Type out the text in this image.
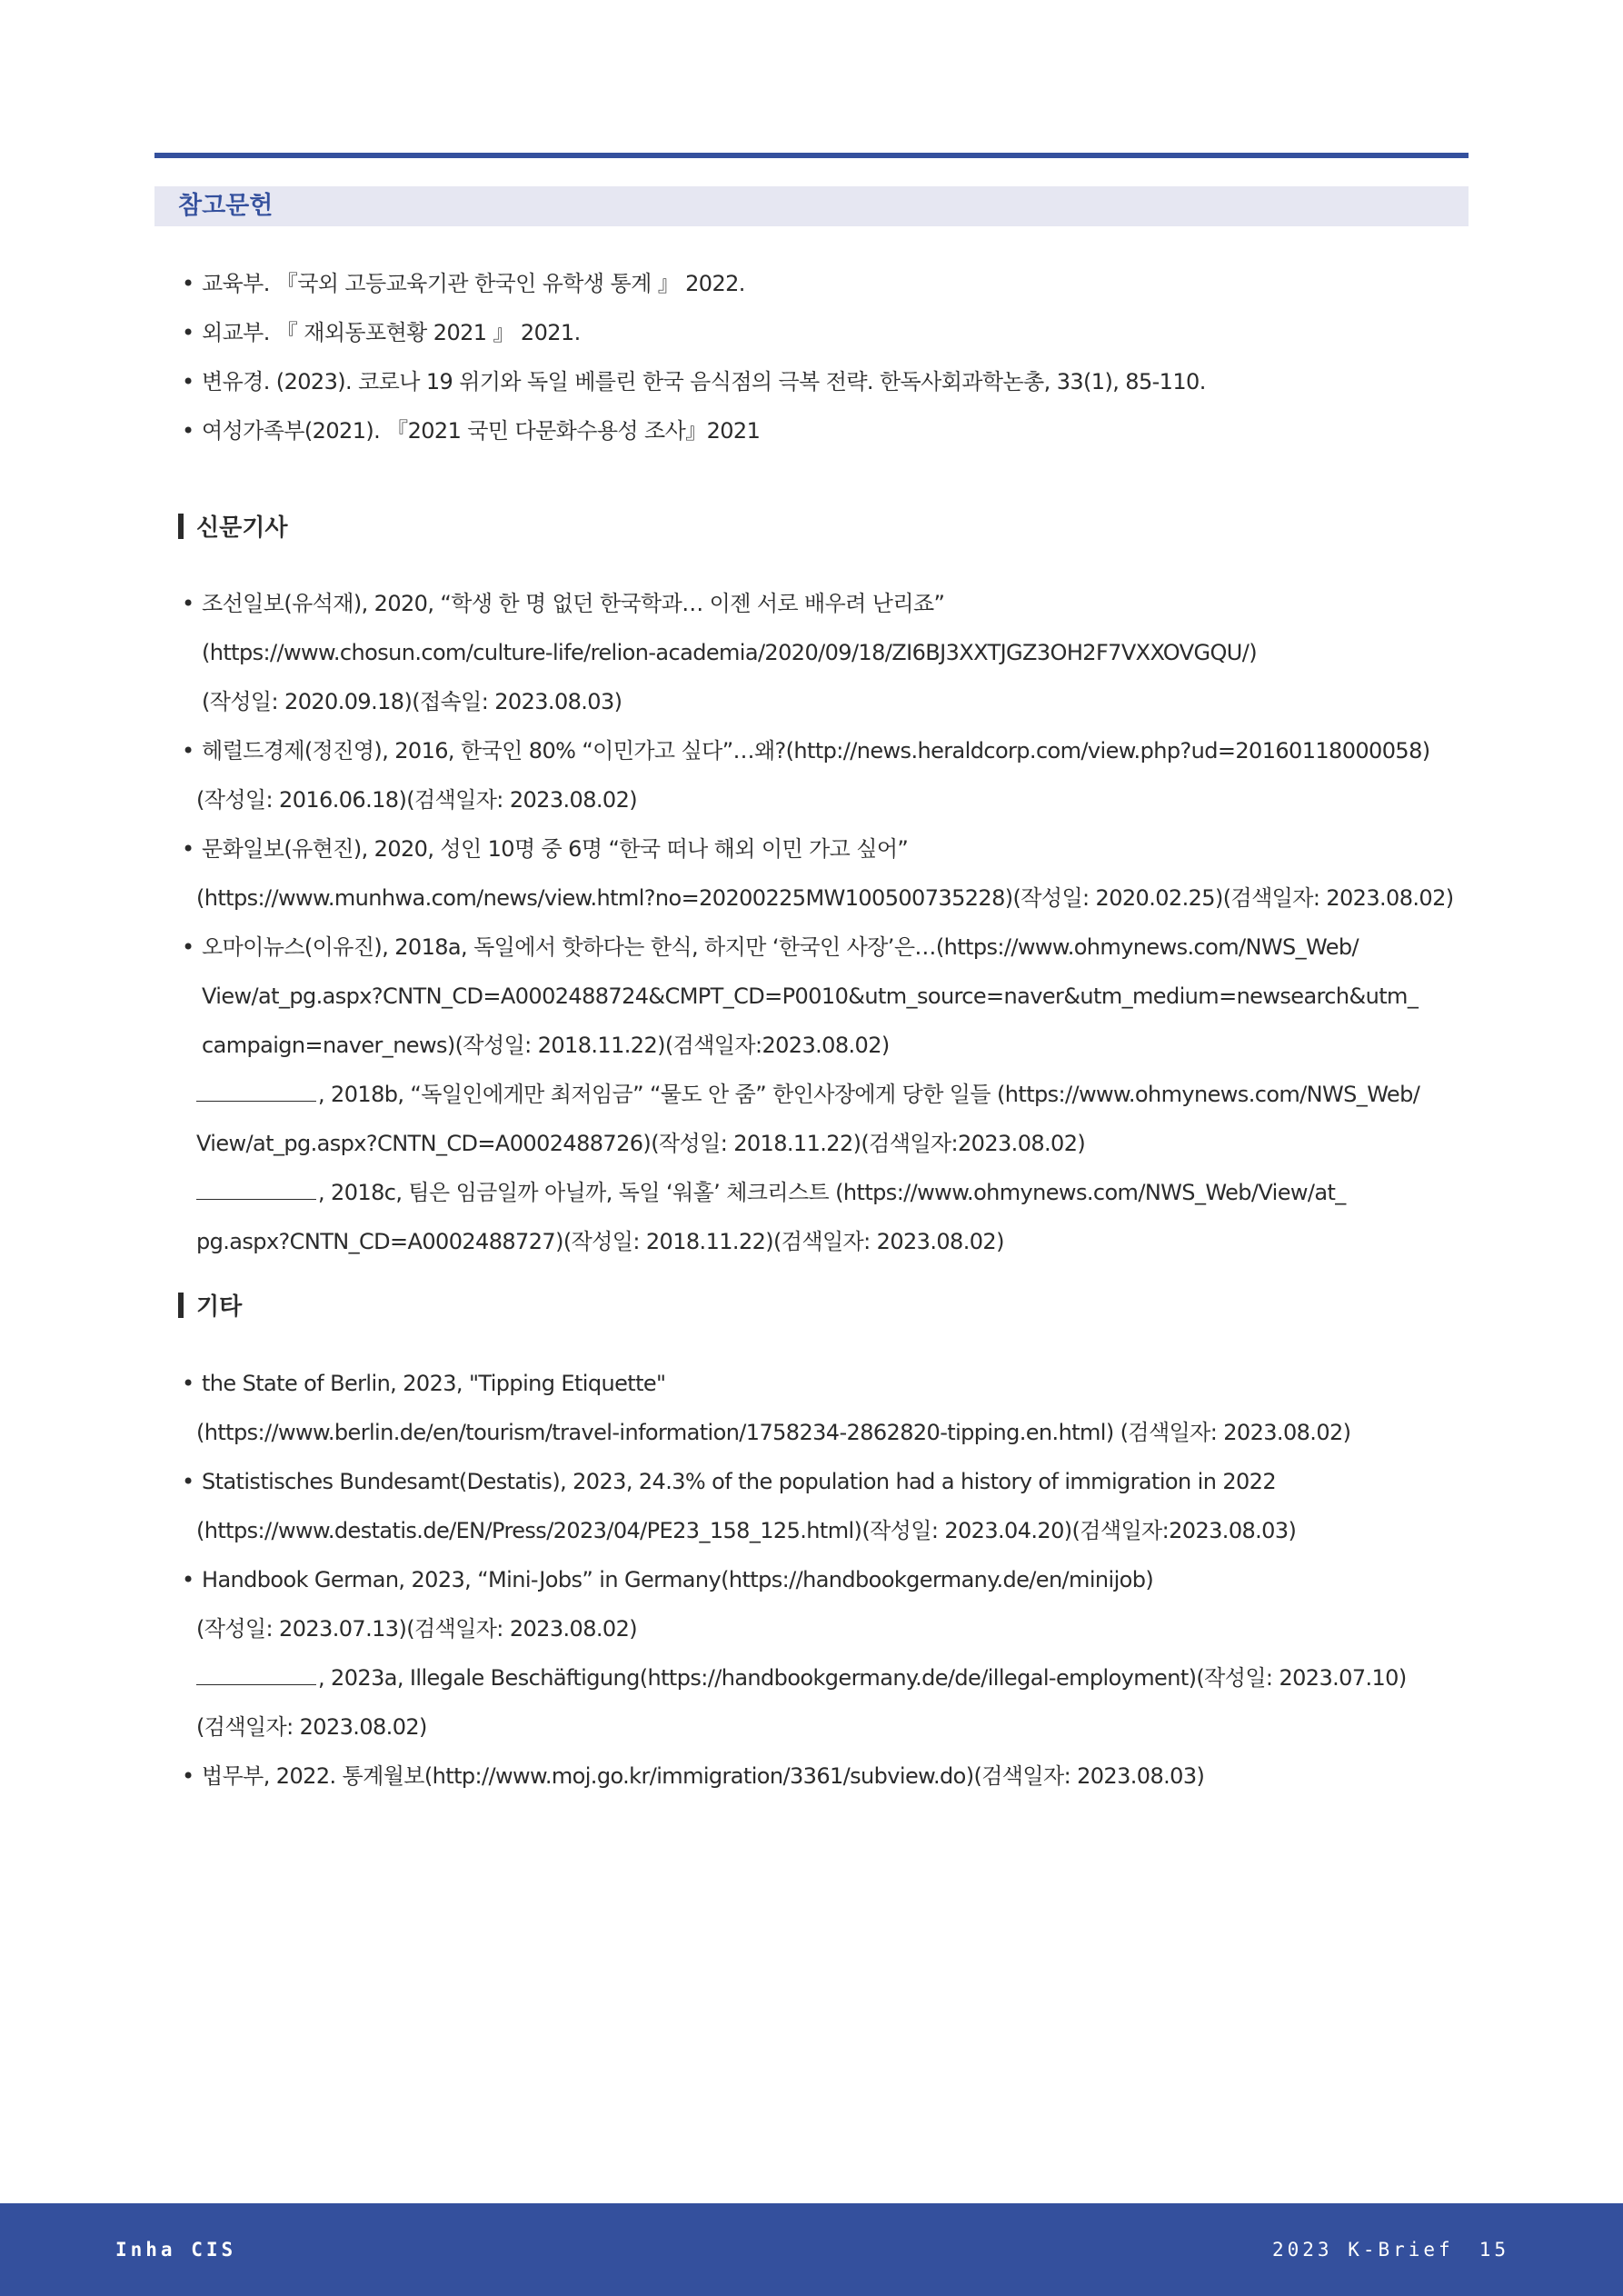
참고문헌
• 교육부. 『국외 고등교육기관 한국인 유학생 통계 』 2022.
• 외교부. 『 재외동포현황 2021 』 2021.
• 변유경. (2023). 코로나 19 위기와 독일 베를린 한국 음식점의 극복 전략. 한독사회과학논총, 33(1), 85-110.
• 여성가족부(2021). 『2021 국민 다문화수용성 조사』2021
신문기사
• 조선일보(유석재), 2020, “학생 한 명 없던 한국학과… 이젠 서로 배우려 난리죠”
(https://www.chosun.com/culture-life/relion-academia/2020/09/18/ZI6BJ3XXTJGZ3OH2F7VXXOVGQU/)
(작성일: 2020.09.18)(접속일: 2023.08.03)
• 헤럴드경제(정진영), 2016, 한국인 80% “이민가고 싶다”…왜?(http://news.heraldcorp.com/view.php?ud=20160118000058)
(작성일: 2016.06.18)(검색일자: 2023.08.02)
• 문화일보(유현진), 2020, 성인 10명 중 6명 “한국 떠나 해외 이민 가고 싶어”
(https://www.munhwa.com/news/view.html?no=20200225MW100500735228)(작성일: 2020.02.25)(검색일자: 2023.08.02)
• 오마이뉴스(이유진), 2018a, 독일에서 핫하다는 한식, 하지만 ‘한국인 사장’은…(https://www.ohmynews.com/NWS_Web/
View/at_pg.aspx?CNTN_CD=A0002488724&CMPT_CD=P0010&utm_source=naver&utm_medium=newsearch&utm_
campaign=naver_news)(작성일: 2018.11.22)(검색일자:2023.08.02)
, 2018b, “독일인에게만 최저임금” “물도 안 줌” 한인사장에게 당한 일들 (https://www.ohmynews.com/NWS_Web/
View/at_pg.aspx?CNTN_CD=A0002488726)(작성일: 2018.11.22)(검색일자:2023.08.02)
, 2018c, 팀은 임금일까 아닐까, 독일 ‘워홀’ 체크리스트 (https://www.ohmynews.com/NWS_Web/View/at_
pg.aspx?CNTN_CD=A0002488727)(작성일: 2018.11.22)(검색일자: 2023.08.02)
기타
• the State of Berlin, 2023, "Tipping Etiquette"
(https://www.berlin.de/en/tourism/travel-information/1758234-2862820-tipping.en.html) (검색일자: 2023.08.02)
• Statistisches Bundesamt(Destatis), 2023, 24.3% of the population had a history of immigration in 2022
(https://www.destatis.de/EN/Press/2023/04/PE23_158_125.html)(작성일: 2023.04.20)(검색일자:2023.08.03)
• Handbook German, 2023, “Mini-Jobs” in Germany(https://handbookgermany.de/en/minijob)
(작성일: 2023.07.13)(검색일자: 2023.08.02)
, 2023a, Illegale Beschäftigung(https://handbookgermany.de/de/illegal-employment)(작성일: 2023.07.10)
(검색일자: 2023.08.02)
• 법무부, 2022. 통계월보(http://www.moj.go.kr/immigration/3361/subview.do)(검색일자: 2023.08.03)
Inha CIS	2023 K-Brief 15
